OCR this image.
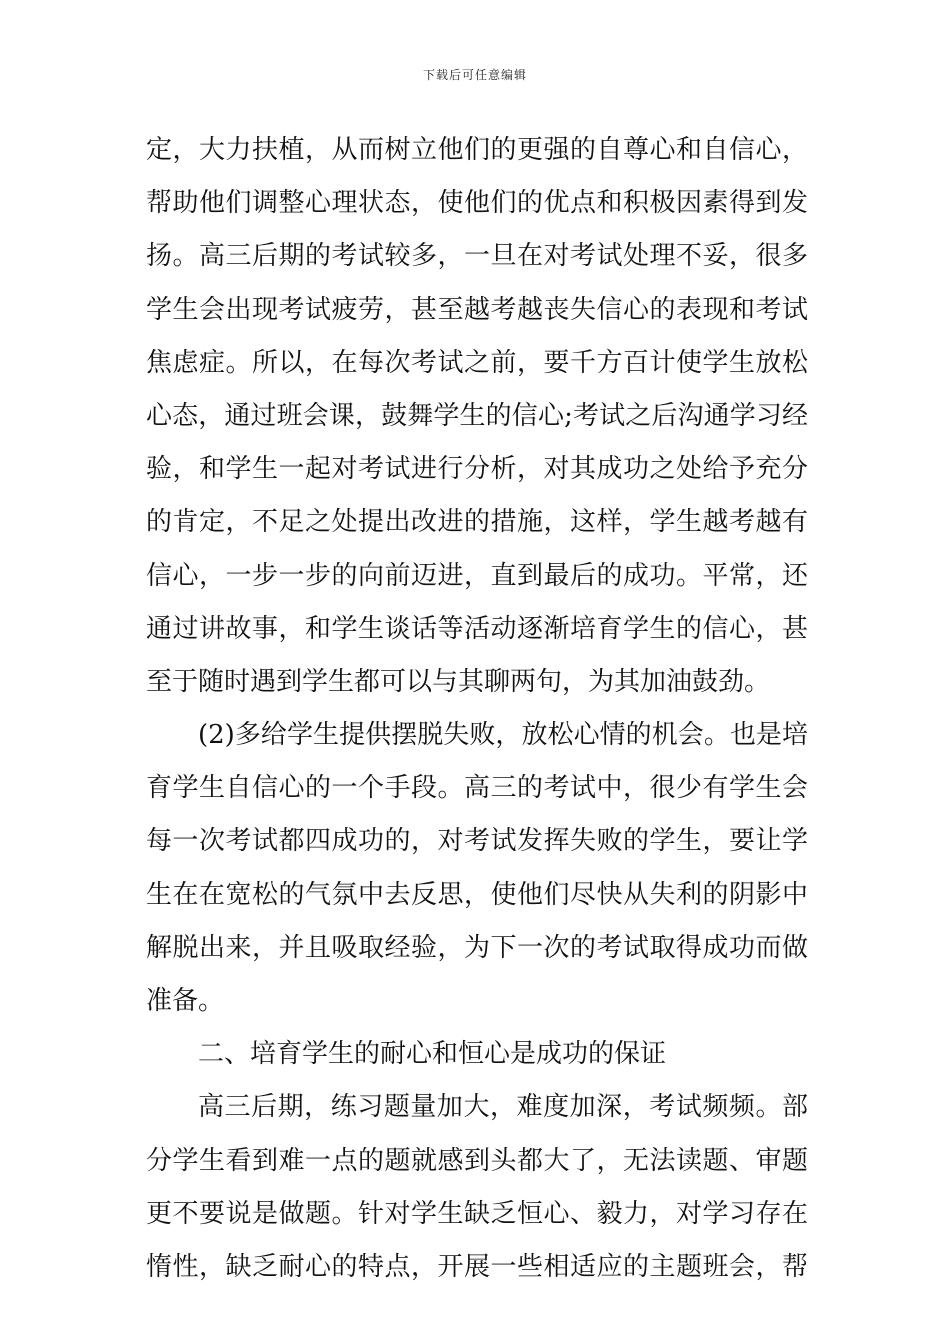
下载后可任意编辑
定，大力扶植，从而树立他们的更强的自尊心和自信心，
帮助他们调整心理状态，使他们的优点和积极因素得到发
扬。高三后期的考试较多，一旦在对考试处理不妥，很多
学生会出现考试疲劳，甚至越考越丧失信心的表现和考试
焦虑症。所以，在每次考试之前，要千方百计使学生放松
心态，通过班会课，鼓舞学生的信心;考试之后沟通学习经
验，和学生一起对考试进行分析，对其成功之处给予充分
的肯定，不足之处提出改进的措施，这样，学生越考越有
信心，一步一步的向前迈进，直到最后的成功。平常，还
通过讲故事，和学生谈话等活动逐渐培育学生的信心，甚
至于随时遇到学生都可以与其聊两句，为其加油鼓劲。
(2)多给学生提供摆脱失败，放松心情的机会。也是培
育学生自信心的一个手段。高三的考试中，很少有学生会
每一次考试都四成功的，对考试发挥失败的学生，要让学
生在在宽松的气氛中去反思，使他们尽快从失利的阴影中
解脱出来，并且吸取经验，为下一次的考试取得成功而做
准备。
二、培育学生的耐心和恒心是成功的保证
高三后期，练习题量加大，难度加深，考试频频。部
分学生看到难一点的题就感到头都大了，无法读题、审题
更不要说是做题。针对学生缺乏恒心、毅力，对学习存在
惰性，缺乏耐心的特点，开展一些相适应的主题班会，帮
